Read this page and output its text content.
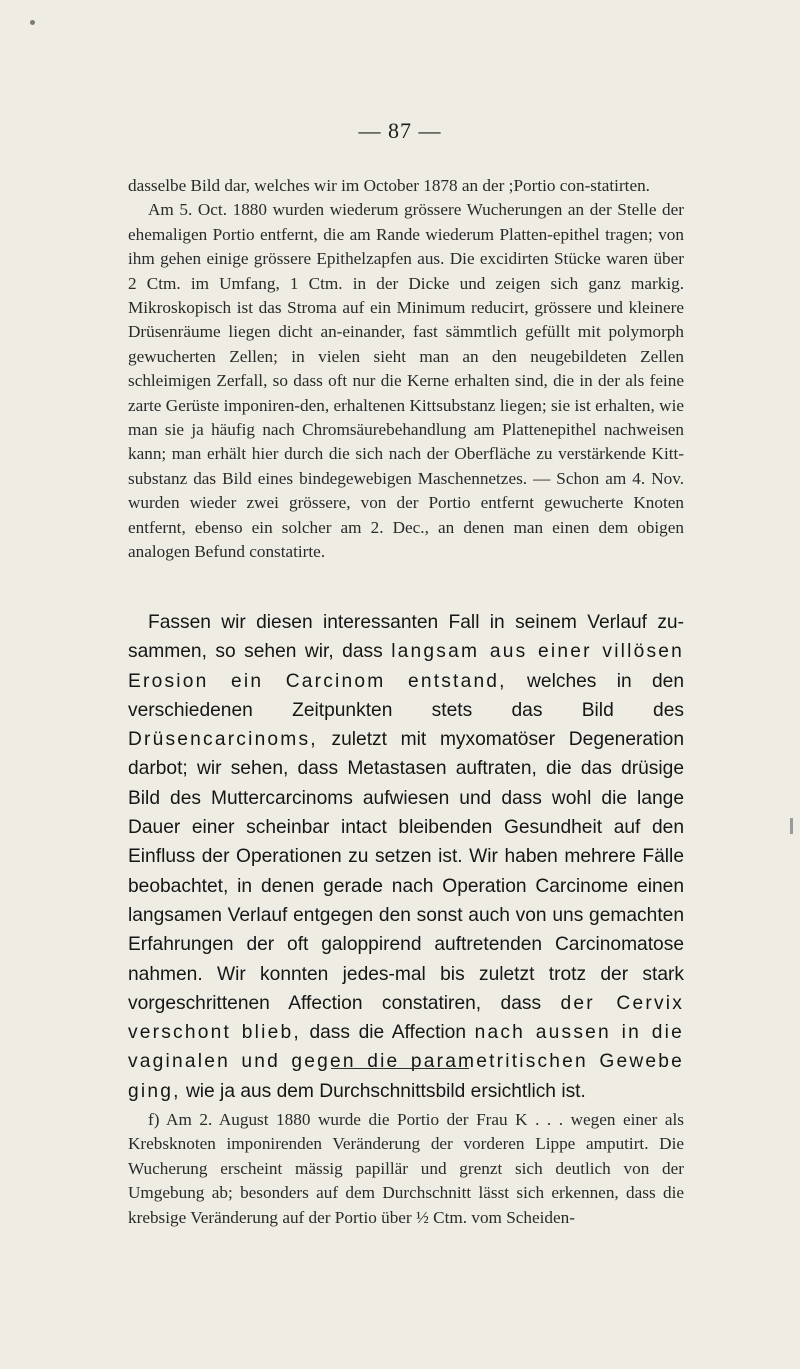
— 87 —

dasselbe Bild dar, welches wir im October 1878 an der ;Portio con-statirten.

Am 5. Oct. 1880 wurden wiederum grössere Wucherungen an der Stelle der ehemaligen Portio entfernt, die am Rande wiederum Platten-epithel tragen; von ihm gehen einige grössere Epithelzapfen aus. Die excidirten Stücke waren über 2 Ctm. im Umfang, 1 Ctm. in der Dicke und zeigen sich ganz markig. Mikroskopisch ist das Stroma auf ein Minimum reducirt, grössere und kleinere Drüsenräume liegen dicht an-einander, fast sämmtlich gefüllt mit polymorph gewucherten Zellen; in vielen sieht man an den neugebildeten Zellen schleimigen Zerfall, so dass oft nur die Kerne erhalten sind, die in der als feine zarte Gerüste imponiren-den, erhaltenen Kittsubstanz liegen; sie ist erhalten, wie man sie ja häufig nach Chromsäurebehandlung am Plattenepithel nachweisen kann; man erhält hier durch die sich nach der Oberfläche zu verstärkende Kitt-substanz das Bild eines bindegewebigen Maschennetzes. — Schon am 4. Nov. wurden wieder zwei grössere, von der Portio entfernt gewucherte Knoten entfernt, ebenso ein solcher am 2. Dec., an denen man einen dem obigen analogen Befund constatirte.

Fassen wir diesen interessanten Fall in seinem Verlauf zu-sammen, so sehen wir, dass langsam aus einer villösen Erosion ein Carcinom entstand, welches in den verschiedenen Zeitpunkten stets das Bild des Drüsencarcinoms, zuletzt mit myxomatöser Degeneration darbot; wir sehen, dass Metastasen auftraten, die das drüsige Bild des Muttercarcinoms aufwiesen und dass wohl die lange Dauer einer scheinbar intact bleibenden Gesundheit auf den Einfluss der Operationen zu setzen ist. Wir haben mehrere Fälle beobachtet, in denen gerade nach Operation Carcinome einen langsamen Verlauf entgegen den sonst auch von uns gemachten Erfahrungen der oft galoppirend auftretenden Carcinomatose nahmen. Wir konnten jedes-mal bis zuletzt trotz der stark vorgeschrittenen Affection constatiren, dass der Cervix verschont blieb, dass die Affection nach aussen in die vaginalen und gegen die parametritischen Gewebe ging, wie ja aus dem Durchschnittsbild ersichtlich ist.
f) Am 2. August 1880 wurde die Portio der Frau K . . . wegen einer als Krebsknoten imponirenden Veränderung der vorderen Lippe amputirt. Die Wucherung erscheint mässig papillär und grenzt sich deutlich von der Umgebung ab; besonders auf dem Durchschnitt lässt sich erkennen, dass die krebsige Veränderung auf der Portio über ½ Ctm. vom Scheiden-
